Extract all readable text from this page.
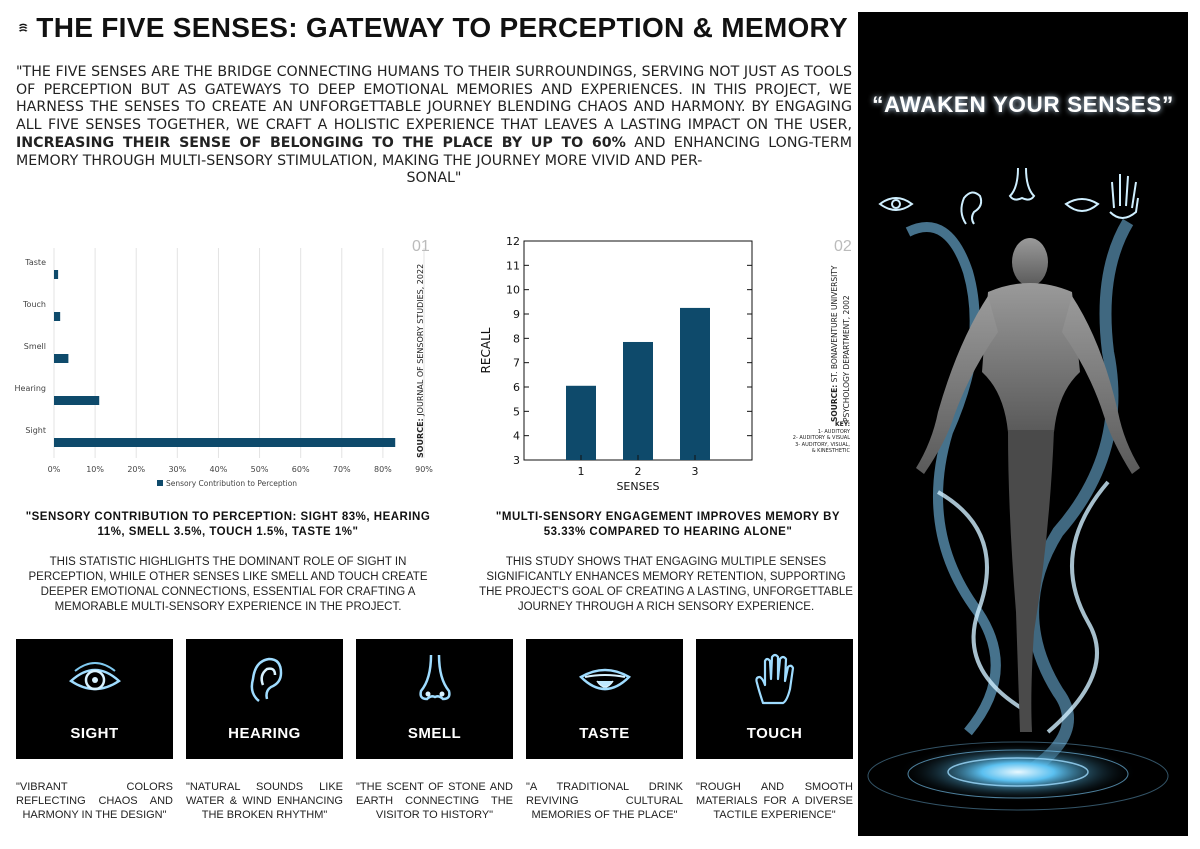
THE FIVE SENSES: GATEWAY TO PERCEPTION & MEMORY
"THE FIVE SENSES ARE THE BRIDGE CONNECTING HUMANS TO THEIR SURROUNDINGS, SERVING NOT JUST AS TOOLS OF PERCEPTION BUT AS GATEWAYS TO DEEP EMOTIONAL MEMORIES AND EXPERIENCES. IN THIS PROJECT, WE HARNESS THE SENSES TO CREATE AN UNFORGETTABLE JOURNEY BLENDING CHAOS AND HARMONY. BY ENGAGING ALL FIVE SENSES TOGETHER, WE CRAFT A HOLISTIC EXPERIENCE THAT LEAVES A LASTING IMPACT ON THE USER, INCREASING THEIR SENSE OF BELONGING TO THE PLACE BY UP TO 60% AND ENHANCING LONG-TERM MEMORY THROUGH MULTI-SENSORY STIMULATION, MAKING THE JOURNEY MORE VIVID AND PER-
SONAL"
0%	10%	20%	30%	40%	50%	60%	70%	80%	90%
Taste
Touch
Smell
Hearing
Sight
Sensory Contribution to Perception
01
SOURCE: JOURNAL OF SENSORY STUDIES, 2022
3
4
5
6
7
8
9
10
11
12
1	2	3
SENSES
RECALL
02
SOURCE: ST. BONAVENTURE UNIVERSITY PSYCHOLOGY DEPARTMENT, 2002
KEY:
1- AUDITORY
2- AUDITORY & VISUAL
3- AUDITORY, VISUAL,
& KINESTHETIC
"SENSORY CONTRIBUTION TO PERCEPTION: SIGHT 83%, HEARING 11%, SMELL 3.5%, TOUCH 1.5%, TASTE 1%"
THIS STATISTIC HIGHLIGHTS THE DOMINANT ROLE OF SIGHT IN PERCEPTION, WHILE OTHER SENSES LIKE SMELL AND TOUCH CREATE DEEPER EMOTIONAL CONNECTIONS, ESSENTIAL FOR CRAFTING A MEMORABLE MULTI-SENSORY EXPERIENCE IN THE PROJECT.
"MULTI-SENSORY ENGAGEMENT IMPROVES MEMORY BY 53.33% COMPARED TO HEARING ALONE"
THIS STUDY SHOWS THAT ENGAGING MULTIPLE SENSES SIGNIFICANTLY ENHANCES MEMORY RETENTION, SUPPORTING THE PROJECT'S GOAL OF CREATING A LASTING, UNFORGETTABLE JOURNEY THROUGH A RICH SENSORY EXPERIENCE.
SIGHT	HEARING	SMELL	TASTE	TOUCH
"VIBRANT COLORS REFLECTING CHAOS AND HARMONY IN THE DESIGN"
"NATURAL SOUNDS LIKE WATER & WIND ENHANCING THE BROKEN RHYTHM"
"THE SCENT OF STONE AND EARTH CONNECTING THE VISITOR TO HISTORY"
"A TRADITIONAL DRINK REVIVING CULTURAL MEMORIES OF THE PLACE"
"ROUGH AND SMOOTH MATERIALS FOR A DIVERSE TACTILE EXPERIENCE"
“AWAKEN YOUR SENSES”
